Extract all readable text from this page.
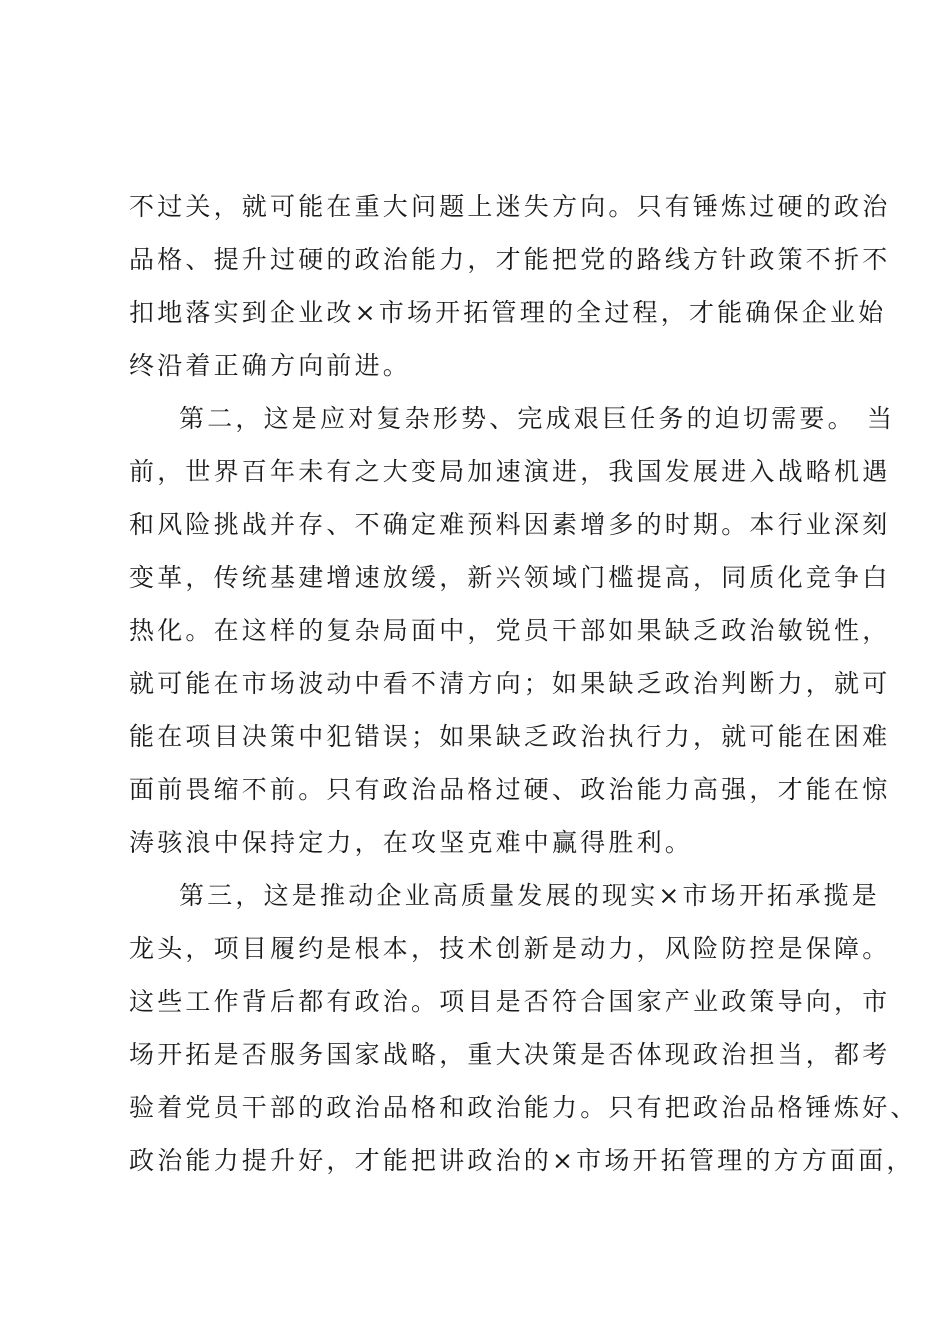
不过关，就可能在重大问题上迷失方向。只有锤炼过硬的政治
品格、提升过硬的政治能力，才能把党的路线方针政策不折不
扣地落实到企业改×市场开拓管理的全过程，才能确保企业始
终沿着正确方向前进。
第二，这是应对复杂形势、完成艰巨任务的迫切需要。 当
前，世界百年未有之大变局加速演进，我国发展进入战略机遇
和风险挑战并存、不确定难预料因素增多的时期。本行业深刻
变革，传统基建增速放缓，新兴领域门槛提高，同质化竞争白
热化。在这样的复杂局面中，党员干部如果缺乏政治敏锐性，
就可能在市场波动中看不清方向；如果缺乏政治判断力，就可
能在项目决策中犯错误；如果缺乏政治执行力，就可能在困难
面前畏缩不前。只有政治品格过硬、政治能力高强，才能在惊
涛骇浪中保持定力，在攻坚克难中赢得胜利。
第三，这是推动企业高质量发展的现实×市场开拓承揽是
龙头，项目履约是根本，技术创新是动力，风险防控是保障。
这些工作背后都有政治。项目是否符合国家产业政策导向，市
场开拓是否服务国家战略，重大决策是否体现政治担当，都考
验着党员干部的政治品格和政治能力。只有把政治品格锤炼好、
政治能力提升好，才能把讲政治的×市场开拓管理的方方面面，
